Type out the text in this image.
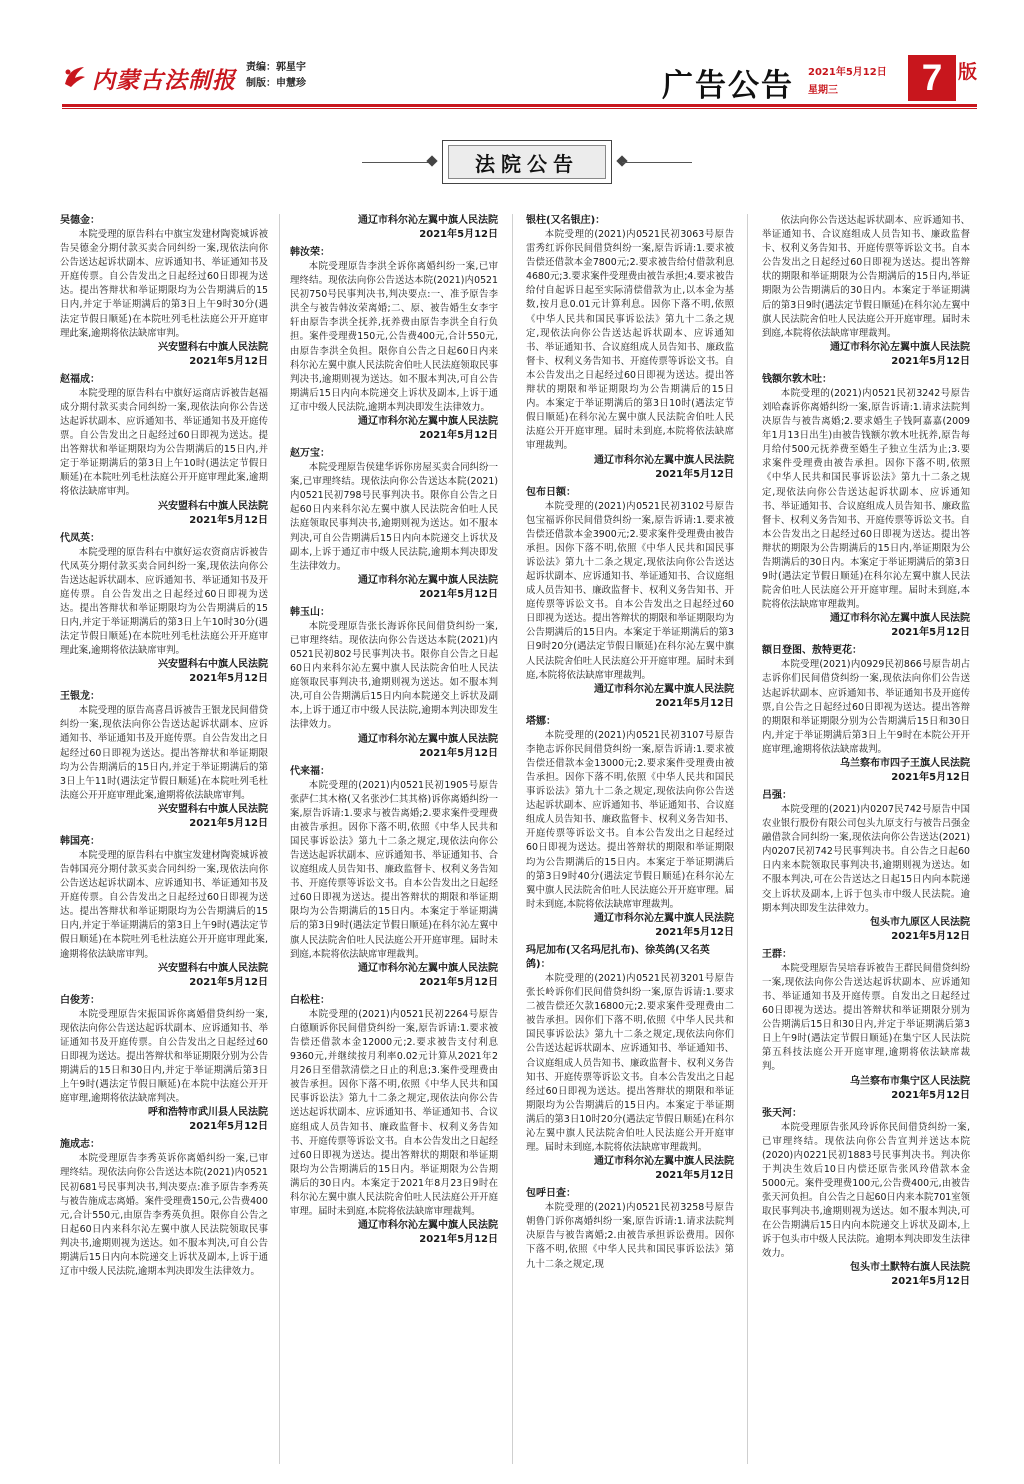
内蒙古法制报 责编：郭星宇
制版：申慧珍	广告公告 2021年5月12日
星期三	7 版
法院公告
吴德金：

本院受理的原告科右中旗宝发建材陶瓷城诉被告吴德金分期付款买卖合同纠纷一案,现依法向你公告送达起诉状副本、应诉通知书、举证通知书及开庭传票。自公告发出之日起经过60日即视为送达。提出答辩状和举证期限均为公告期满后的15日内,并定于举证期满后的第3日上午9时30分(遇法定节假日顺延)在本院吐列毛杜法庭公开开庭审理此案,逾期将依法缺席审判。

兴安盟科右中旗人民法院
2021年5月12日
赵福成：

本院受理的原告科右中旗好运商店诉被告赵福成分期付款买卖合同纠纷一案,现依法向你公告送达起诉状副本、应诉通知书、举证通知书及开庭传票。自公告发出之日起经过60日即视为送达。提出答辩状和举证期限均为公告期满后的15日内,并定于举证期满后的第3日上午10时(遇法定节假日顺延)在本院吐列毛杜法庭公开开庭审理此案,逾期将依法缺席审判。

兴安盟科右中旗人民法院
2021年5月12日
代凤英：

本院受理的原告科右中旗好运农资商店诉被告代凤英分期付款买卖合同纠纷一案,现依法向你公告送达起诉状副本、应诉通知书、举证通知书及开庭传票。自公告发出之日起经过60日即视为送达。提出答辩状和举证期限均为公告期满后的15日内,并定于举证期满后的第3日上午10时30分(遇法定节假日顺延)在本院吐列毛杜法庭公开开庭审理此案,逾期将依法缺席审判。

兴安盟科右中旗人民法院
2021年5月12日
王银龙：

本院受理的原告高喜昌诉被告王银龙民间借贷纠纷一案,现依法向你公告送达起诉状副本、应诉通知书、举证通知书及开庭传票。自公告发出之日起经过60日即视为送达。提出答辩状和举证期限均为公告期满后的15日内,并定于举证期满后的第3日上午11时(遇法定节假日顺延)在本院吐列毛杜法庭公开开庭审理此案,逾期将依法缺席审判。

兴安盟科右中旗人民法院
2021年5月12日
韩国亮：

本院受理的原告科右中旗宝发建材陶瓷城诉被告韩国亮分期付款买卖合同纠纷一案,现依法向你公告送达起诉状副本、应诉通知书、举证通知书及开庭传票。自公告发出之日起经过60日即视为送达。提出答辩状和举证期限均为公告期满后的15日内,并定于举证期满后的第3日上午9时(遇法定节假日顺延)在本院吐列毛杜法庭公开开庭审理此案,逾期将依法缺席审判。

兴安盟科右中旗人民法院
2021年5月12日
白俊芳：

本院受理原告宋振国诉你离婚借贷纠纷一案,现依法向你公告送达起诉状副本、应诉通知书、举证通知书及开庭传票。自公告发出之日起经过60日即视为送达。提出答辩状和举证期限分别为公告期满后的15日和30日内,并定于举证期满后第3日上午9时(遇法定节假日顺延)在本院中法庭公开开庭审理,逾期将依法缺席判决。

呼和浩特市武川县人民法院
2021年5月12日
施成志：

本院受理原告李秀英诉你离婚纠纷一案,已审理终结。现依法向你公告送达本院(2021)内0521民初681号民事判决书,判决要点:准予原告李秀英与被告施成志离婚。案件受理费150元,公告费400元,合计550元,由原告李秀英负担。限你自公告之日起60日内来科尔沁左翼中旗人民法院领取民事判决书,逾期则视为送达。如不服本判决,可自公告期满后15日内向本院递交上诉状及副本,上诉于通辽市中级人民法院,逾期本判决即发生法律效力。

通辽市科尔沁左翼中旗人民法院
2021年5月12日
韩汝荣：

本院受理原告李洪全诉你离婚纠纷一案,已审理终结。现依法向你公告送达本院(2021)内0521民初750号民事判决书,判决要点:一、准予原告李洪全与被告韩汝荣离婚;二、原、被告婚生女李宇轩由原告李洪全抚养,抚养费由原告李洪全自行负担。案件受理费150元,公告费400元,合计550元,由原告李洪全负担。限你自公告之日起60日内来科尔沁左翼中旗人民法院舍伯吐人民法庭领取民事判决书,逾期则视为送达。如不服本判决,可自公告期满后15日内向本院递交上诉状及副本,上诉于通辽市中级人民法院,逾期本判决即发生法律效力。

通辽市科尔沁左翼中旗人民法院
2021年5月12日
赵万宝：

本院受理原告侯建华诉你房屋买卖合同纠纷一案,已审理终结。现依法向你公告送达本院(2021)内0521民初798号民事判决书。限你自公告之日起60日内来科尔沁左翼中旗人民法院舍伯吐人民法庭领取民事判决书,逾期则视为送达。如不服本判决,可自公告期满后15日内向本院递交上诉状及副本,上诉于通辽市中级人民法院,逾期本判决即发生法律效力。

通辽市科尔沁左翼中旗人民法院
2021年5月12日
韩玉山：

本院受理原告张长海诉你民间借贷纠纷一案,已审理终结。现依法向你公告送达本院(2021)内0521民初802号民事判决书。限你自公告之日起60日内来科尔沁左翼中旗人民法院舍伯吐人民法庭领取民事判决书,逾期则视为送达。如不服本判决,可自公告期满后15日内向本院递交上诉状及副本,上诉于通辽市中级人民法院,逾期本判决即发生法律效力。

通辽市科尔沁左翼中旗人民法院
2021年5月12日
代来福：

本院受理的(2021)内0521民初1905号原告张萨仁其木格(又名张沙仁其其格)诉你离婚纠纷一案,原告诉请:1.要求与被告离婚;2.要求案件受理费由被告承担。因你下落不明,依照《中华人民共和国民事诉讼法》第九十二条之规定,现依法向你公告送达起诉状副本、应诉通知书、举证通知书、合议庭组成人员告知书、廉政监督卡、权利义务告知书、开庭传票等诉讼文书。自本公告发出之日起经过60日即视为送达。提出答辩状的期限和举证期限均为公告期满后的15日内。本案定于举证期满后的第3日9时(遇法定节假日顺延)在科尔沁左翼中旗人民法院舍伯吐人民法庭公开开庭审理。届时未到庭,本院将依法缺席审理裁判。

通辽市科尔沁左翼中旗人民法院
2021年5月12日
白松柱：

本院受理的(2021)内0521民初2264号原告白德顺诉你民间借贷纠纷一案,原告诉请:1.要求被告偿还借款本金12000元;2.要求被告支付利息9360元,并继续按月利率0.02元计算从2021年2月26日至借款清偿之日止的利息;3.案件受理费由被告承担。因你下落不明,依照《中华人民共和国民事诉讼法》第九十二条之规定,现依法向你公告送达起诉状副本、应诉通知书、举证通知书、合议庭组成人员告知书、廉政监督卡、权利义务告知书、开庭传票等诉讼文书。自本公告发出之日起经过60日即视为送达。提出答辩状的期限和举证期限均为公告期满后的15日内。举证期限为公告期满后的30日内。本案定于2021年8月23日9时在科尔沁左翼中旗人民法院舍伯吐人民法庭公开开庭审理。届时未到庭,本院将依法缺席审理裁判。

通辽市科尔沁左翼中旗人民法院
2021年5月12日
银柱(又名银庄)：

本院受理的(2021)内0521民初3063号原告雷秀红诉你民间借贷纠纷一案,原告诉请:1.要求被告偿还借款本金7800元;2.要求被告给付借款利息4680元;3.要求案件受理费由被告承担;4.要求被告给付自起诉日起至实际清偿借款为止,以本金为基数,按月息0.01元计算利息。因你下落不明,依照《中华人民共和国民事诉讼法》第九十二条之规定,现依法向你公告送达起诉状副本、应诉通知书、举证通知书、合议庭组成人员告知书、廉政监督卡、权利义务告知书、开庭传票等诉讼文书。自本公告发出之日起经过60日即视为送达。提出答辩状的期限和举证期限均为公告期满后的15日内。本案定于举证期满后的第3日10时(遇法定节假日顺延)在科尔沁左翼中旗人民法院舍伯吐人民法庭公开开庭审理。届时未到庭,本院将依法缺席审理裁判。

通辽市科尔沁左翼中旗人民法院
2021年5月12日
包布日额：

本院受理的(2021)内0521民初3102号原告包宝福诉你民间借贷纠纷一案,原告诉请:1.要求被告偿还借款本金3900元;2.要求案件受理费由被告承担。因你下落不明,依照《中华人民共和国民事诉讼法》第九十二条之规定,现依法向你公告送达起诉状副本、应诉通知书、举证通知书、合议庭组成人员告知书、廉政监督卡、权利义务告知书、开庭传票等诉讼文书。自本公告发出之日起经过60日即视为送达。提出答辩状的期限和举证期限均为公告期满后的15日内。本案定于举证期满后的第3日9时20分(遇法定节假日顺延)在科尔沁左翼中旗人民法院舍伯吐人民法庭公开开庭审理。届时未到庭,本院将依法缺席审理裁判。

通辽市科尔沁左翼中旗人民法院
2021年5月12日
塔娜：

本院受理的(2021)内0521民初3107号原告李艳志诉你民间借贷纠纷一案,原告诉请:1.要求被告偿还借款本金13000元;2.要求案件受理费由被告承担。因你下落不明,依照《中华人民共和国民事诉讼法》第九十二条之规定,现依法向你公告送达起诉状副本、应诉通知书、举证通知书、合议庭组成人员告知书、廉政监督卡、权利义务告知书、开庭传票等诉讼文书。自本公告发出之日起经过60日即视为送达。提出答辩状的期限和举证期限均为公告期满后的15日内。本案定于举证期满后的第3日9时40分(遇法定节假日顺延)在科尔沁左翼中旗人民法院舍伯吐人民法庭公开开庭审理。届时未到庭,本院将依法缺席审理裁判。

通辽市科尔沁左翼中旗人民法院
2021年5月12日
玛尼加布(又名玛尼扎布)、徐英鸽(又名英鸽)：

本院受理的(2021)内0521民初3201号原告张长岭诉你们民间借贷纠纷一案,原告诉请:1.要求二被告偿还欠款16800元;2.要求案件受理费由二被告承担。因你们下落不明,依照《中华人民共和国民事诉讼法》第九十二条之规定,现依法向你们公告送达起诉状副本、应诉通知书、举证通知书、合议庭组成人员告知书、廉政监督卡、权利义务告知书、开庭传票等诉讼文书。自本公告发出之日起经过60日即视为送达。提出答辩状的期限和举证期限均为公告期满后的15日内。本案定于举证期满后的第3日10时20分(遇法定节假日顺延)在科尔沁左翼中旗人民法院舍伯吐人民法庭公开开庭审理。届时未到庭,本院将依法缺席审理裁判。

通辽市科尔沁左翼中旗人民法院
2021年5月12日
包呼日查：

本院受理的(2021)内0521民初3258号原告朝鲁门诉你离婚纠纷一案,原告诉请:1.请求法院判决原告与被告离婚;2.由被告承担诉讼费用。因你下落不明,依照《中华人民共和国民事诉讼法》第九十二条之规定,现

依法向你公告送达起诉状副本、应诉通知书、举证通知书、合议庭组成人员告知书、廉政监督卡、权利义务告知书、开庭传票等诉讼文书。自本公告发出之日起经过60日即视为送达。提出答辩状的期限和举证期限为公告期满后的15日内,举证期限为公告期满后的30日内。本案定于举证期满后的第3日9时(遇法定节假日顺延)在科尔沁左翼中旗人民法院舍伯吐人民法庭公开开庭审理。届时未到庭,本院将依法缺席审理裁判。

通辽市科尔沁左翼中旗人民法院
2021年5月12日
钱额尔敦木吐：

本院受理的(2021)内0521民初3242号原告刘哈森诉你离婚纠纷一案,原告诉请:1.请求法院判决原告与被告离婚;2.要求婚生子钱阿嘉嘉(2009年1月13日出生)由被告钱额尔敦木吐抚养,原告每月给付500元抚养费至婚生子独立生活为止;3.要求案件受理费由被告承担。因你下落不明,依照《中华人民共和国民事诉讼法》第九十二条之规定,现依法向你公告送达起诉状副本、应诉通知书、举证通知书、合议庭组成人员告知书、廉政监督卡、权利义务告知书、开庭传票等诉讼文书。自本公告发出之日起经过60日即视为送达。提出答辩状的期限为公告期满后的15日内,举证期限为公告期满后的30日内。本案定于举证期满后的第3日9时(遇法定节假日顺延)在科尔沁左翼中旗人民法院舍伯吐人民法庭公开开庭审理。届时未到庭,本院将依法缺席审理裁判。

通辽市科尔沁左翼中旗人民法院
2021年5月12日
额日登图、敖特更花：

本院受理(2021)内0929民初866号原告胡占志诉你们民间借贷纠纷一案,现依法向你们公告送达起诉状副本、应诉通知书、举证通知书及开庭传票,自公告之日起经过60日即视为送达。提出答辩的期限和举证期限分别为公告期满后15日和30日内,并定于举证期满后第3日上午9时在本院公开开庭审理,逾期将依法缺席裁判。

乌兰察布市四子王旗人民法院
2021年5月12日
吕强：

本院受理的(2021)内0207民742号原告中国农业银行股份有限公司包头九原支行与被告吕强金融借款合同纠纷一案,现依法向你公告送达(2021)内0207民初742号民事判决书。自公告之日起60日内来本院领取民事判决书,逾期则视为送达。如不服本判决,可在公告送达之日起15日内向本院递交上诉状及副本,上诉于包头市中级人民法院。逾期本判决即发生法律效力。

包头市九原区人民法院
2021年5月12日
王群：

本院受理原告吴培春诉被告王群民间借贷纠纷一案,现依法向你公告送达起诉状副本、应诉通知书、举证通知书及开庭传票。自发出之日起经过60日即视为送达。提出答辩状和举证期限分别为公告期满后15日和30日内,并定于举证期满后第3日上午9时(遇法定节假日顺延)在集宁区人民法院第五科技法庭公开开庭审理,逾期将依法缺席裁判。

乌兰察布市集宁区人民法院
2021年5月12日
张天河：

本院受理原告张风玲诉你民间借贷纠纷一案,已审理终结。现依法向你公告宣判并送达本院(2020)内0221民初1883号民事判决书。判决你于判决生效后10日内偿还原告张风玲借款本金5000元。案件受理费100元,公告费400元,由被告张天河负担。自公告之日起60日内来本院701室领取民事判决书,逾期则视为送达。如不服本判决,可在公告期满后15日内向本院递交上诉状及副本,上诉于包头市中级人民法院。逾期本判决即发生法律效力。

包头市土默特右旗人民法院
2021年5月12日
